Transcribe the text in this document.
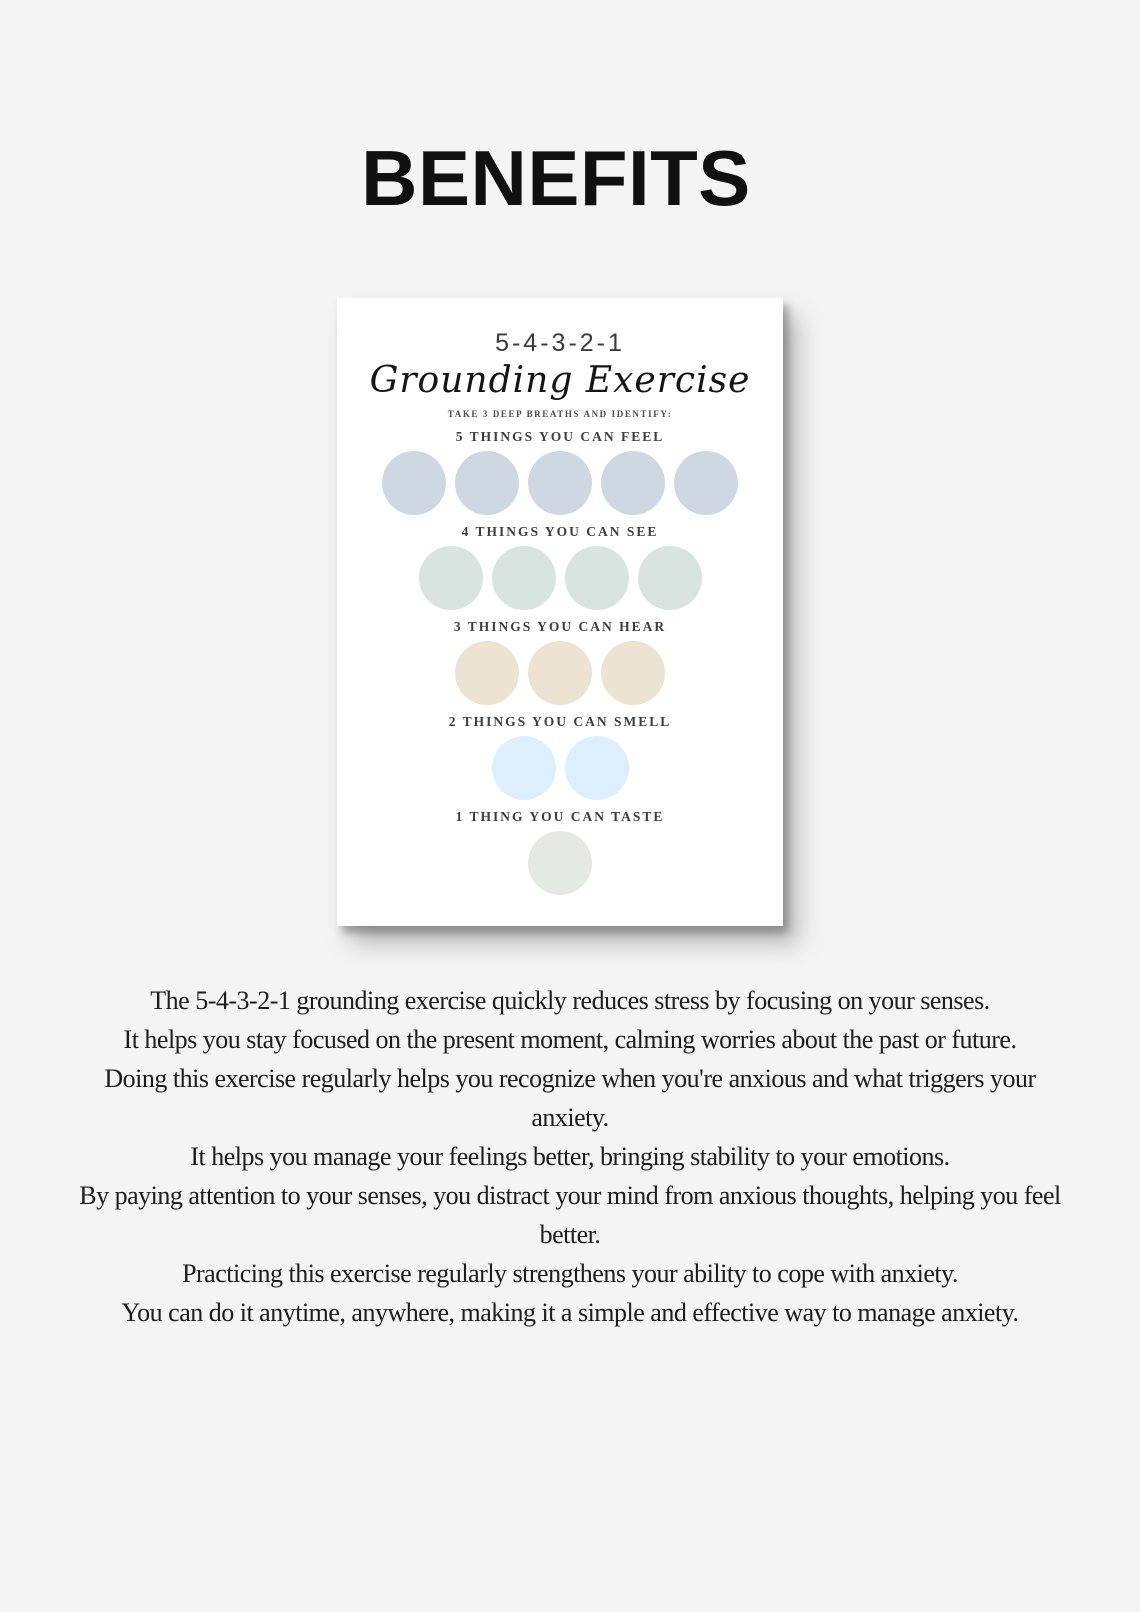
BENEFITS
5-4-3-2-1
Grounding Exercise
TAKE 3 DEEP BREATHS AND IDENTIFY:
5 THINGS YOU CAN FEEL
4 THINGS YOU CAN SEE
3 THINGS YOU CAN HEAR
2 THINGS YOU CAN SMELL
1 THING YOU CAN TASTE

The 5-4-3-2-1 grounding exercise quickly reduces stress by focusing on your senses.

It helps you stay focused on the present moment, calming worries about the past or future.

Doing this exercise regularly helps you recognize when you're anxious and what triggers your anxiety.

It helps you manage your feelings better, bringing stability to your emotions.

By paying attention to your senses, you distract your mind from anxious thoughts, helping you feel better.

Practicing this exercise regularly strengthens your ability to cope with anxiety.

You can do it anytime, anywhere, making it a simple and effective way to manage anxiety.
